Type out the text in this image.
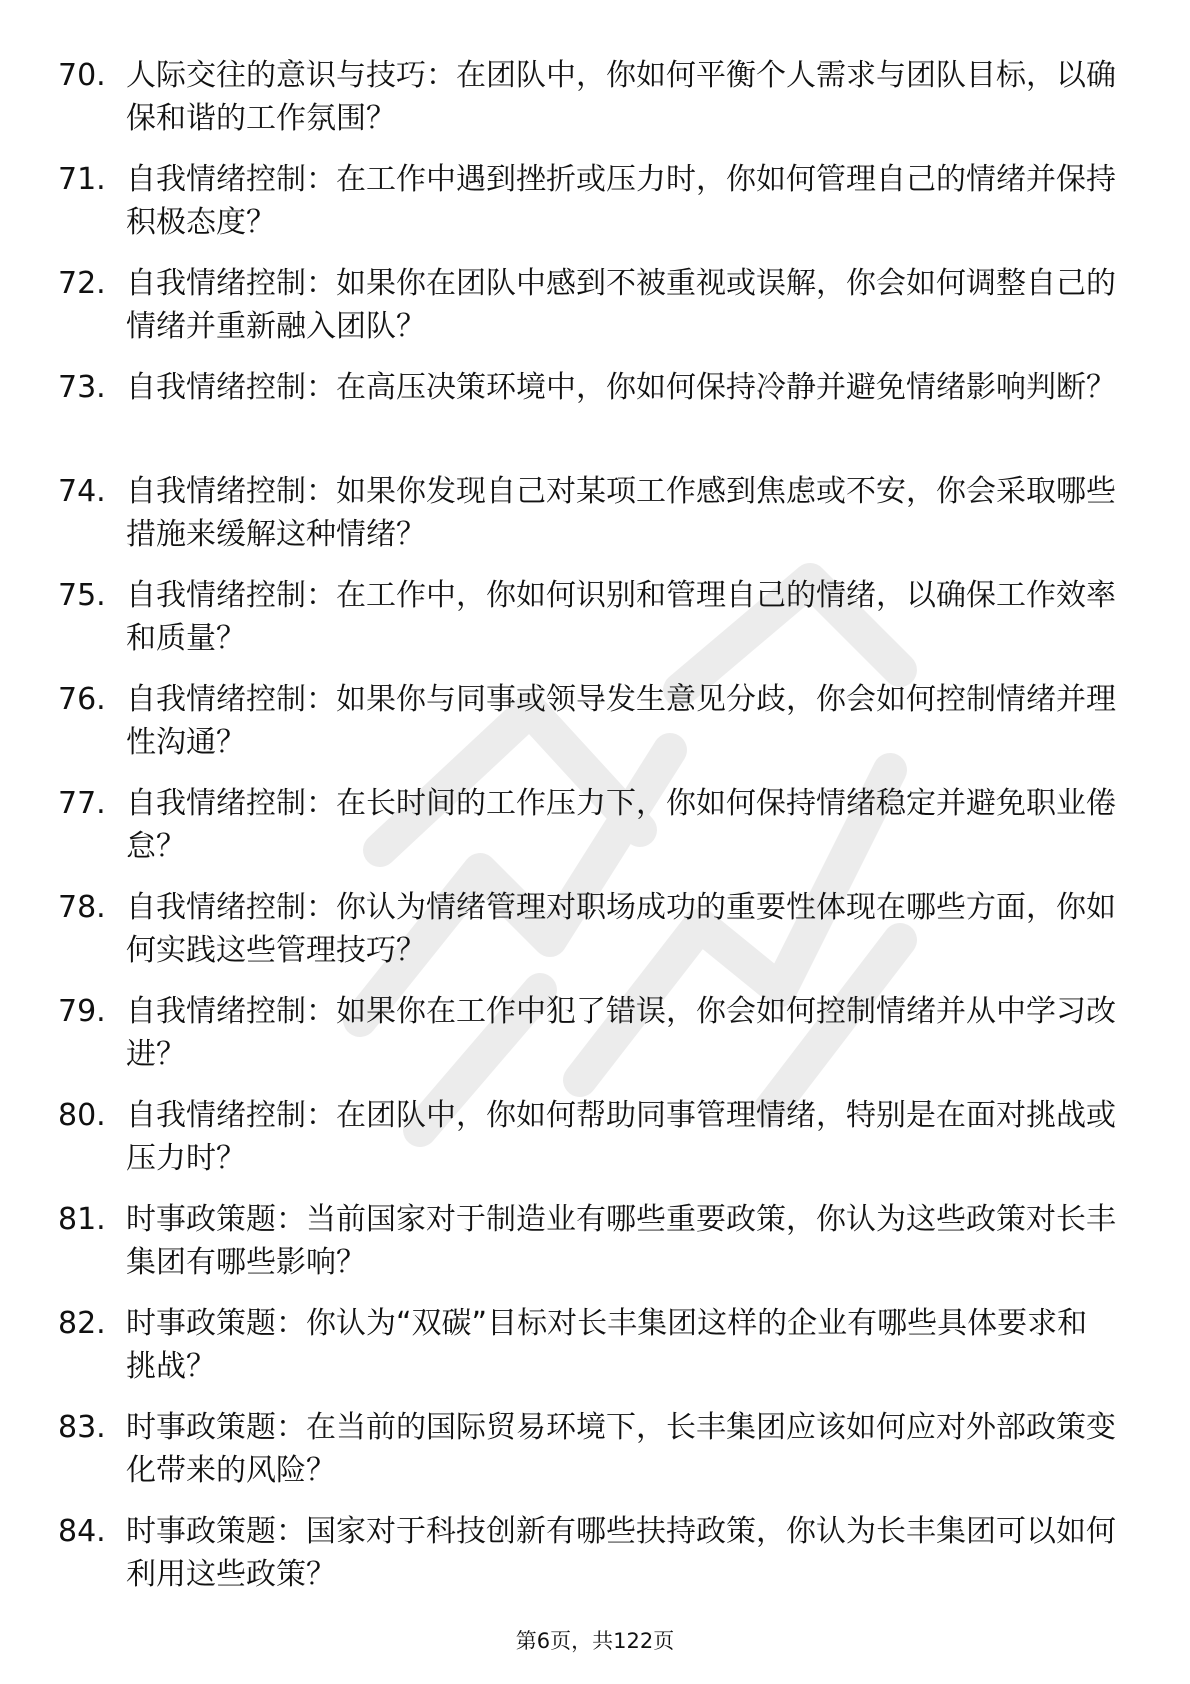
70. 人际交往的意识与技巧：在团队中，你如何平衡个人需求与团队目标，以确保和谐的工作氛围？
71. 自我情绪控制：在工作中遇到挫折或压力时，你如何管理自己的情绪并保持积极态度？
72. 自我情绪控制：如果你在团队中感到不被重视或误解，你会如何调整自己的情绪并重新融入团队？
73. 自我情绪控制：在高压决策环境中，你如何保持冷静并避免情绪影响判断？
74. 自我情绪控制：如果你发现自己对某项工作感到焦虑或不安，你会采取哪些措施来缓解这种情绪？
75. 自我情绪控制：在工作中，你如何识别和管理自己的情绪，以确保工作效率和质量？
76. 自我情绪控制：如果你与同事或领导发生意见分歧，你会如何控制情绪并理性沟通？
77. 自我情绪控制：在长时间的工作压力下，你如何保持情绪稳定并避免职业倦怠？
78. 自我情绪控制：你认为情绪管理对职场成功的重要性体现在哪些方面，你如何实践这些管理技巧？
79. 自我情绪控制：如果你在工作中犯了错误，你会如何控制情绪并从中学习改进？
80. 自我情绪控制：在团队中，你如何帮助同事管理情绪，特别是在面对挑战或压力时？
81. 时事政策题：当前国家对于制造业有哪些重要政策，你认为这些政策对长丰集团有哪些影响？
82. 时事政策题：你认为“双碳”目标对长丰集团这样的企业有哪些具体要求和挑战？
83. 时事政策题：在当前的国际贸易环境下，长丰集团应该如何应对外部政策变化带来的风险？
84. 时事政策题：国家对于科技创新有哪些扶持政策，你认为长丰集团可以如何利用这些政策？
第6页，共122页
